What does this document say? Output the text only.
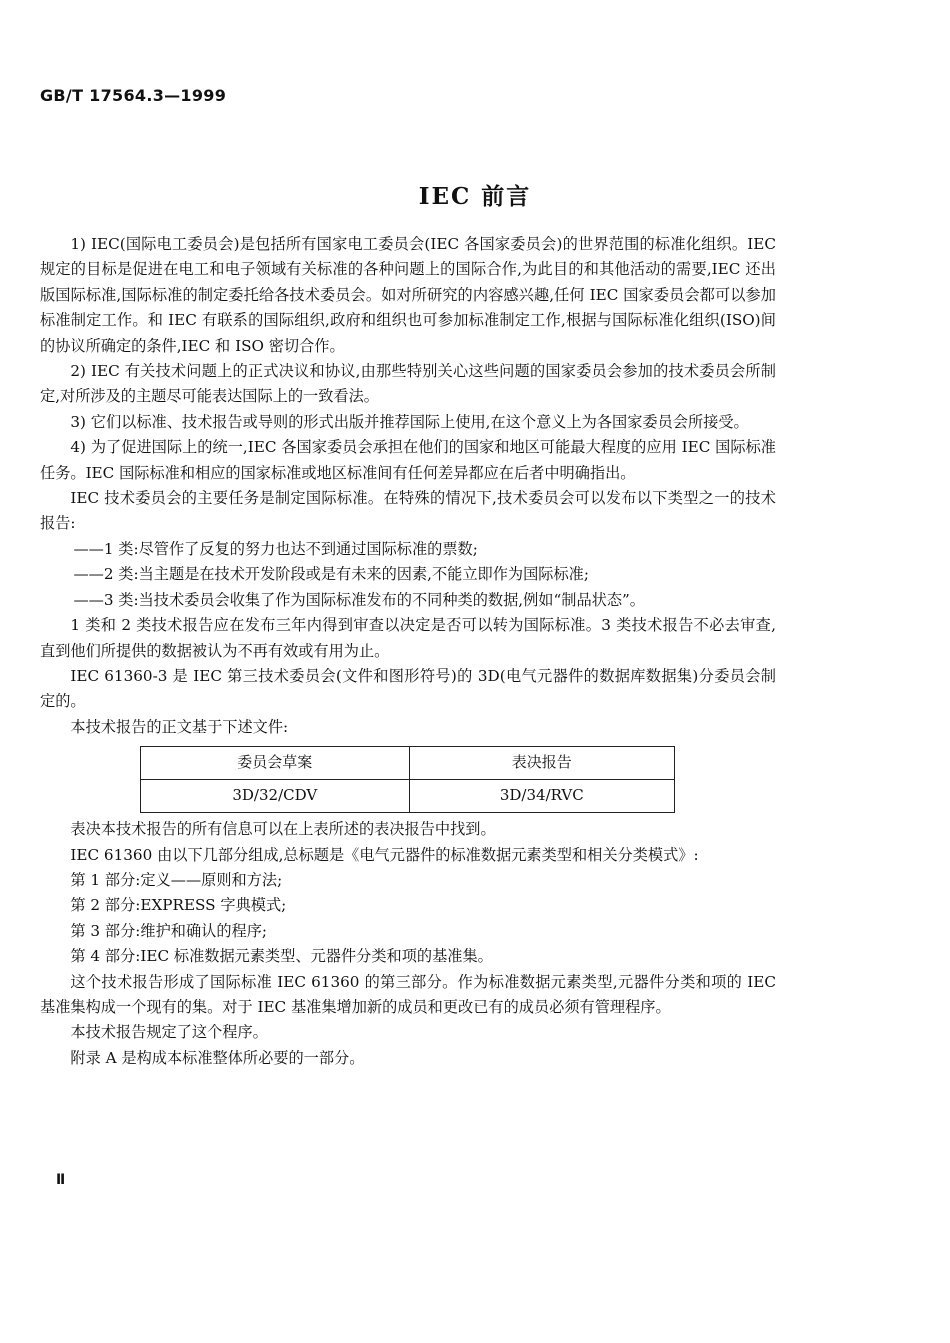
GB/T 17564.3—1999
IEC 前言

1) IEC(国际电工委员会)是包括所有国家电工委员会(IEC 各国家委员会)的世界范围的标准化组织。IEC 规定的目标是促进在电工和电子领域有关标准的各种问题上的国际合作,为此目的和其他活动的需要,IEC 还出版国际标准,国际标准的制定委托给各技术委员会。如对所研究的内容感兴趣,任何 IEC 国家委员会都可以参加标准制定工作。和 IEC 有联系的国际组织,政府和组织也可参加标准制定工作,根据与国际标准化组织(ISO)间的协议所确定的条件,IEC 和 ISO 密切合作。

2) IEC 有关技术问题上的正式决议和协议,由那些特别关心这些问题的国家委员会参加的技术委员会所制定,对所涉及的主题尽可能表达国际上的一致看法。

3) 它们以标准、技术报告或导则的形式出版并推荐国际上使用,在这个意义上为各国家委员会所接受。

4) 为了促进国际上的统一,IEC 各国家委员会承担在他们的国家和地区可能最大程度的应用 IEC 国际标准任务。IEC 国际标准和相应的国家标准或地区标准间有任何差异都应在后者中明确指出。

IEC 技术委员会的主要任务是制定国际标准。在特殊的情况下,技术委员会可以发布以下类型之一的技术报告:

——1 类:尽管作了反复的努力也达不到通过国际标准的票数;

——2 类:当主题是在技术开发阶段或是有未来的因素,不能立即作为国际标准;

——3 类:当技术委员会收集了作为国际标准发布的不同种类的数据,例如“制品状态”。

1 类和 2 类技术报告应在发布三年内得到审查以决定是否可以转为国际标准。3 类技术报告不必去审查,直到他们所提供的数据被认为不再有效或有用为止。

IEC 61360-3 是 IEC 第三技术委员会(文件和图形符号)的 3D(电气元器件的数据库数据集)分委员会制定的。

本技术报告的正文基于下述文件:

委员会草案	表决报告
3D/32/CDV	3D/34/RVC

表决本技术报告的所有信息可以在上表所述的表决报告中找到。

IEC 61360 由以下几部分组成,总标题是《电气元器件的标准数据元素类型和相关分类模式》:

第 1 部分:定义——原则和方法;

第 2 部分:EXPRESS 字典模式;

第 3 部分:维护和确认的程序;

第 4 部分:IEC 标准数据元素类型、元器件分类和项的基准集。

这个技术报告形成了国际标准 IEC 61360 的第三部分。作为标准数据元素类型,元器件分类和项的 IEC 基准集构成一个现有的集。对于 IEC 基准集增加新的成员和更改已有的成员必须有管理程序。

本技术报告规定了这个程序。

附录 A 是构成本标准整体所必要的一部分。

Ⅱ
